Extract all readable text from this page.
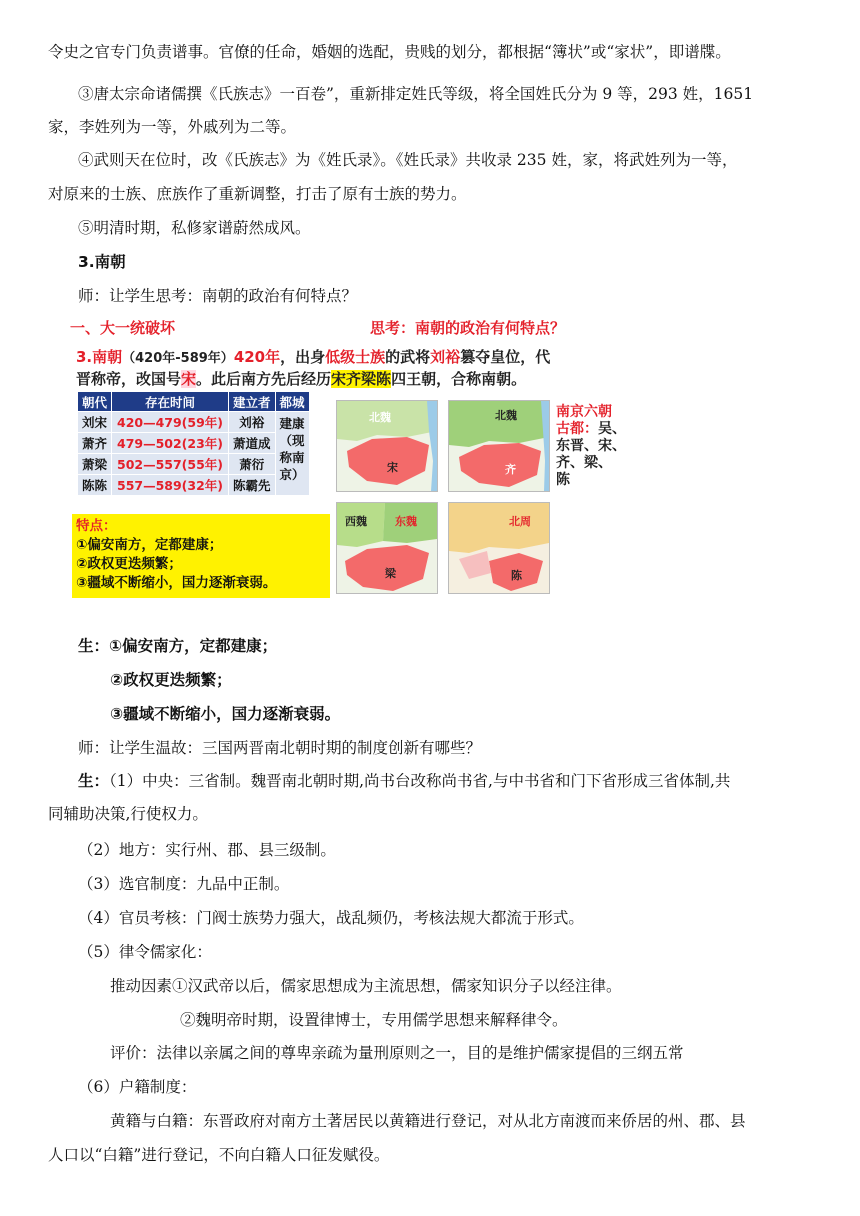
令史之官专门负责谱事。官僚的任命，婚姻的选配，贵贱的划分，都根据“簿状”或“家状”，即谱牒。
③唐太宗命诸儒撰《氏族志》一百卷”，重新排定姓氏等级，将全国姓氏分为 9 等，293 姓，1651
家，李姓列为一等，外戚列为二等。
④武则天在位时，改《氏族志》为《姓氏录》。《姓氏录》共收录 235 姓，家，将武姓列为一等，
对原来的士族、庶族作了重新调整，打击了原有士族的势力。
⑤明清时期，私修家谱蔚然成风。
3.南朝
师：让学生思考：南朝的政治有何特点？
一、大一统破坏	思考：南朝的政治有何特点？
3.南朝（420年-589年）420年，出身低级士族的武将刘裕篡夺皇位，代
晋称帝，改国号宋。此后南方先后经历宋齐梁陈四王朝，合称南朝。
朝代	存在时间	建立者	都城
刘宋	420—479(59年)	刘裕	建康
（现
称南
京）

萧齐	479—502(23年)	萧道成	
萧梁	502—557(55年)	萧衍	
陈陈	557—589(32年)	陈霸先	
北魏
宋
北魏
齐
西魏	东魏
梁
北周
陈
南京六朝
古都：吴、
东晋、宋、
齐、梁、
陈
特点：
①偏安南方，定都建康；
②政权更迭频繁；
③疆域不断缩小，国力逐渐衰弱。
生：①偏安南方，定都建康；
②政权更迭频繁；
③疆域不断缩小，国力逐渐衰弱。
师：让学生温故：三国两晋南北朝时期的制度创新有哪些？
生：（1）中央：三省制。魏晋南北朝时期,尚书台改称尚书省,与中书省和门下省形成三省体制,共
同辅助决策,行使权力。
（2）地方：实行州、郡、县三级制。
（3）选官制度：九品中正制。
（4）官员考核：门阀士族势力强大，战乱频仍，考核法规大都流于形式。
（5）律令儒家化：
推动因素①汉武帝以后，儒家思想成为主流思想，儒家知识分子以经注律。
②魏明帝时期，设置律博士，专用儒学思想来解释律令。
评价：法律以亲属之间的尊卑亲疏为量刑原则之一，目的是维护儒家提倡的三纲五常
（6）户籍制度：
黄籍与白籍：东晋政府对南方土著居民以黄籍进行登记，对从北方南渡而来侨居的州、郡、县
人口以“白籍”进行登记，不向白籍人口征发赋役。
